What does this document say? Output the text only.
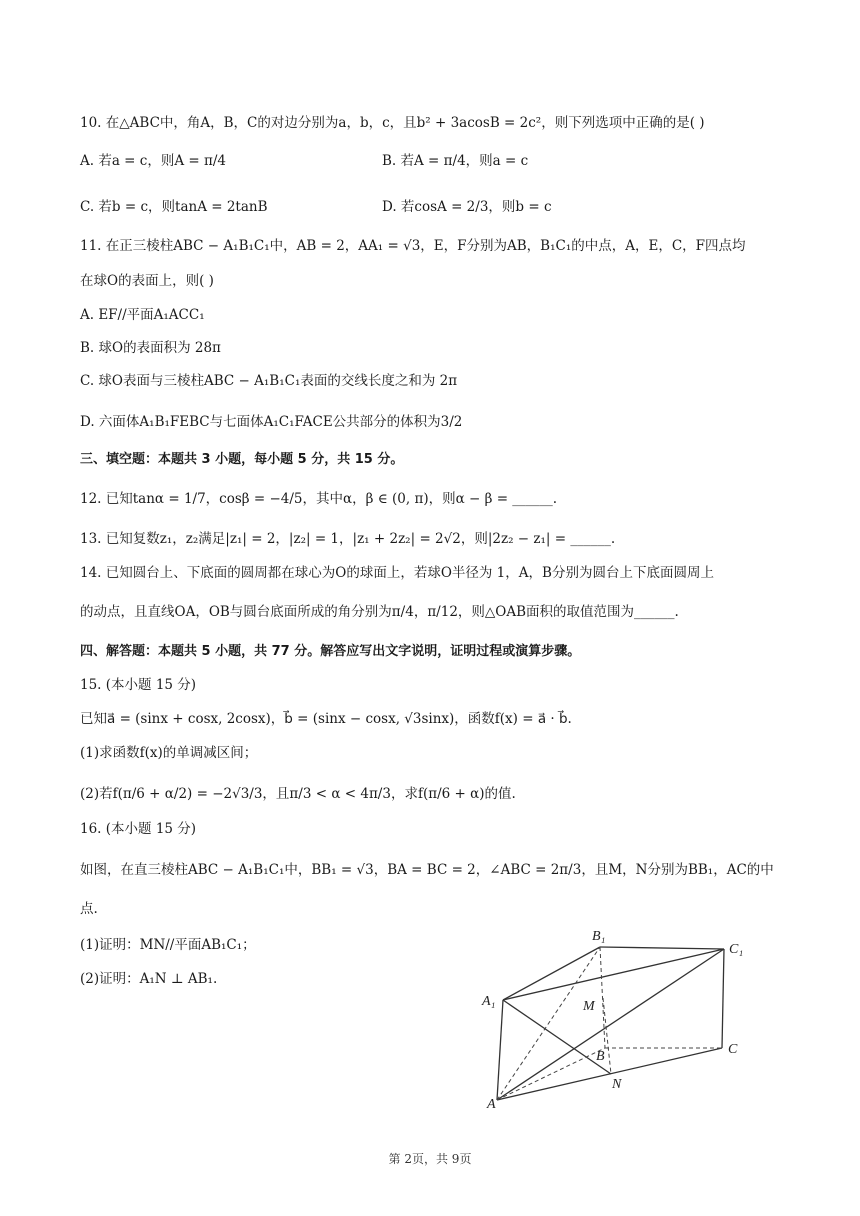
10. 在△ABC中，角A，B，C的对边分别为a，b，c，且b² + 3acosB = 2c²，则下列选项中正确的是( )
A. 若a = c，则A = π/4	B. 若A = π/4，则a = c
C. 若b = c，则tanA = 2tanB	D. 若cosA = 2/3，则b = c
11. 在正三棱柱ABC − A₁B₁C₁中，AB = 2，AA₁ = √3，E，F分别为AB，B₁C₁的中点，A，E，C，F四点均
在球O的表面上，则( )
A. EF//平面A₁ACC₁
B. 球O的表面积为 28π
C. 球O表面与三棱柱ABC − A₁B₁C₁表面的交线长度之和为 2π
D. 六面体A₁B₁FEBC与七面体A₁C₁FACE公共部分的体积为3/2
三、填空题：本题共 3 小题，每小题 5 分，共 15 分。
12. 已知tanα = 1/7，cosβ = −4/5，其中α，β ∈ (0, π)，则α − β = ______.
13. 已知复数z₁，z₂满足|z₁| = 2，|z₂| = 1，|z₁ + 2z₂| = 2√2，则|2z₂ − z₁| = ______.
14. 已知圆台上、下底面的圆周都在球心为O的球面上，若球O半径为 1，A，B分别为圆台上下底面圆周上
的动点，且直线OA，OB与圆台底面所成的角分别为π/4，π/12，则△OAB面积的取值范围为______.
四、解答题：本题共 5 小题，共 77 分。解答应写出文字说明，证明过程或演算步骤。
15. (本小题 15 分)
已知a⃗ = (sinx + cosx, 2cosx)，b⃗ = (sinx − cosx, √3sinx)，函数f(x) = a⃗ · b⃗.
(1)求函数f(x)的单调减区间；
(2)若f(π/6 + α/2) = −2√3/3，且π/3 < α < 4π/3，求f(π/6 + α)的值.
16. (本小题 15 分)
如图，在直三棱柱ABC − A₁B₁C₁中，BB₁ = √3，BA = BC = 2，∠ABC = 2π/3，且M，N分别为BB₁，AC的中
点.
(1)证明：MN//平面AB₁C₁；
(2)证明：A₁N ⊥ AB₁.
B₁
C₁
A₁	M
B	C
N
A
第 2页，共 9页
